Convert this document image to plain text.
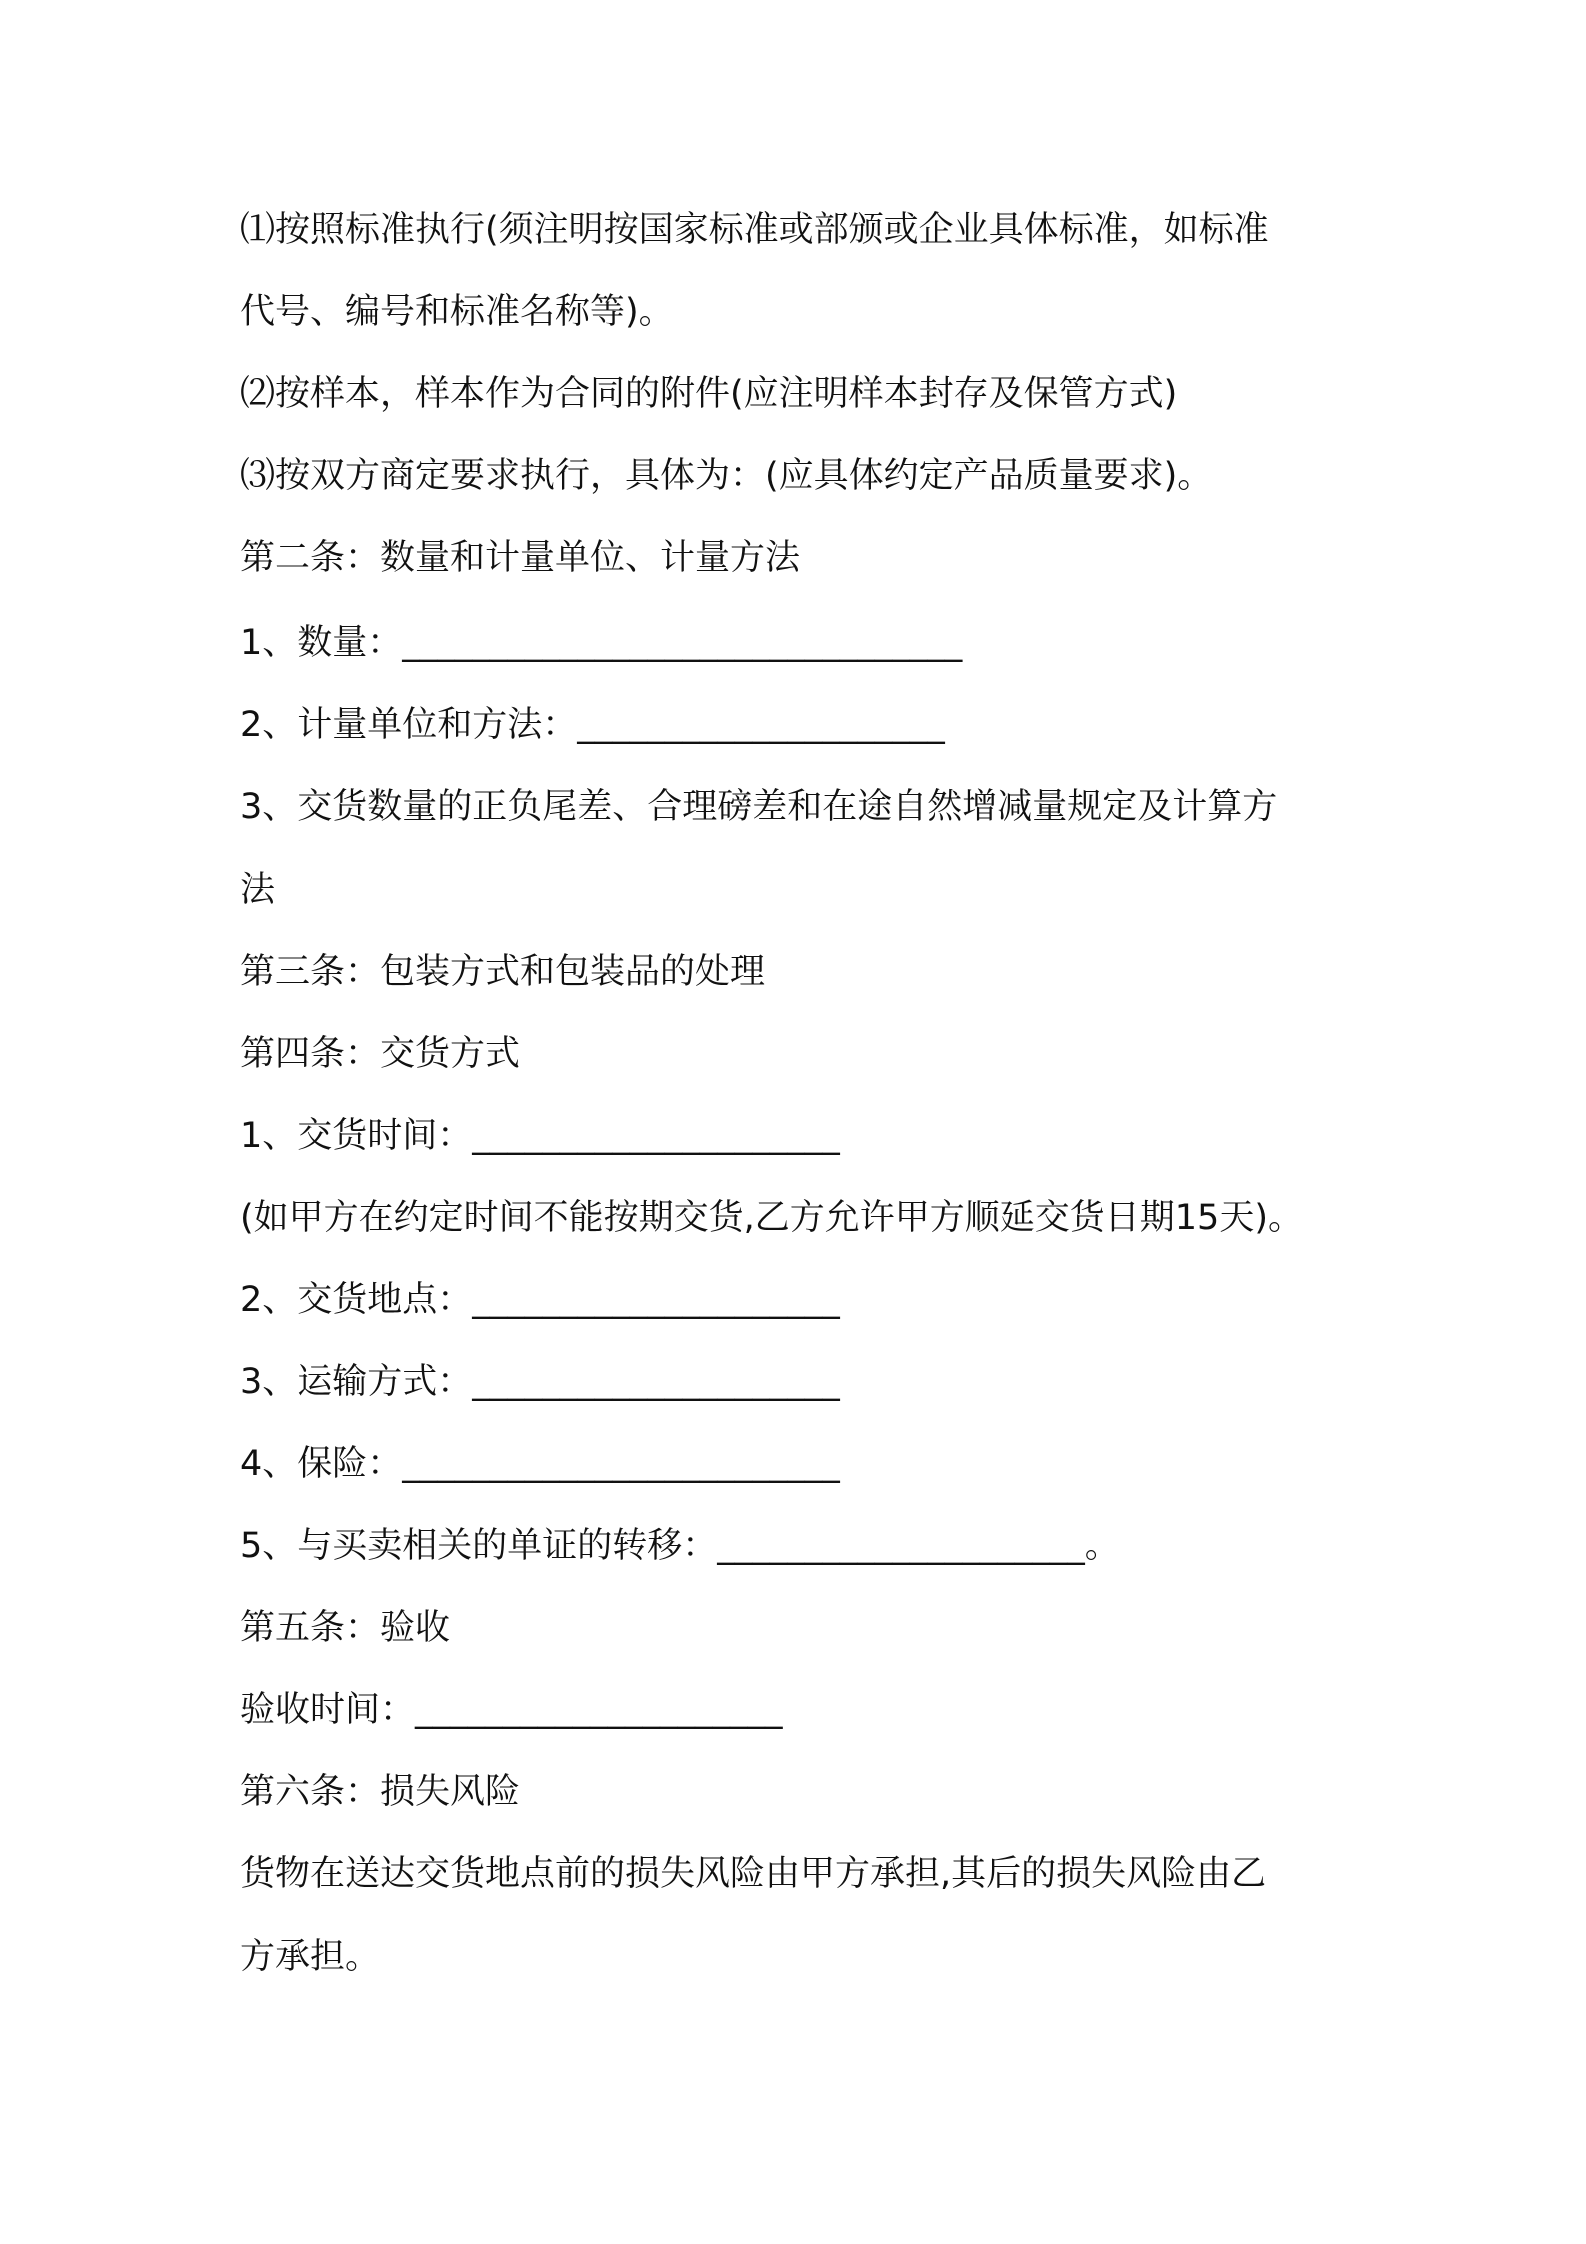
⑴按照标准执行(须注明按国家标准或部颁或企业具体标准，如标准
代号、编号和标准名称等)。
⑵按样本，样本作为合同的附件(应注明样本封存及保管方式)
⑶按双方商定要求执行，具体为：(应具体约定产品质量要求)。
第二条：数量和计量单位、计量方法
1、数量：________________________________
2、计量单位和方法：_____________________
3、交货数量的正负尾差、合理磅差和在途自然增减量规定及计算方
法
第三条：包装方式和包装品的处理
第四条：交货方式
1、交货时间：_____________________
(如甲方在约定时间不能按期交货,乙方允许甲方顺延交货日期15天)。
2、交货地点：_____________________
3、运输方式：_____________________
4、保险：_________________________
5、与买卖相关的单证的转移：_____________________。
第五条：验收
验收时间：_____________________
第六条：损失风险
货物在送达交货地点前的损失风险由甲方承担,其后的损失风险由乙
方承担。
